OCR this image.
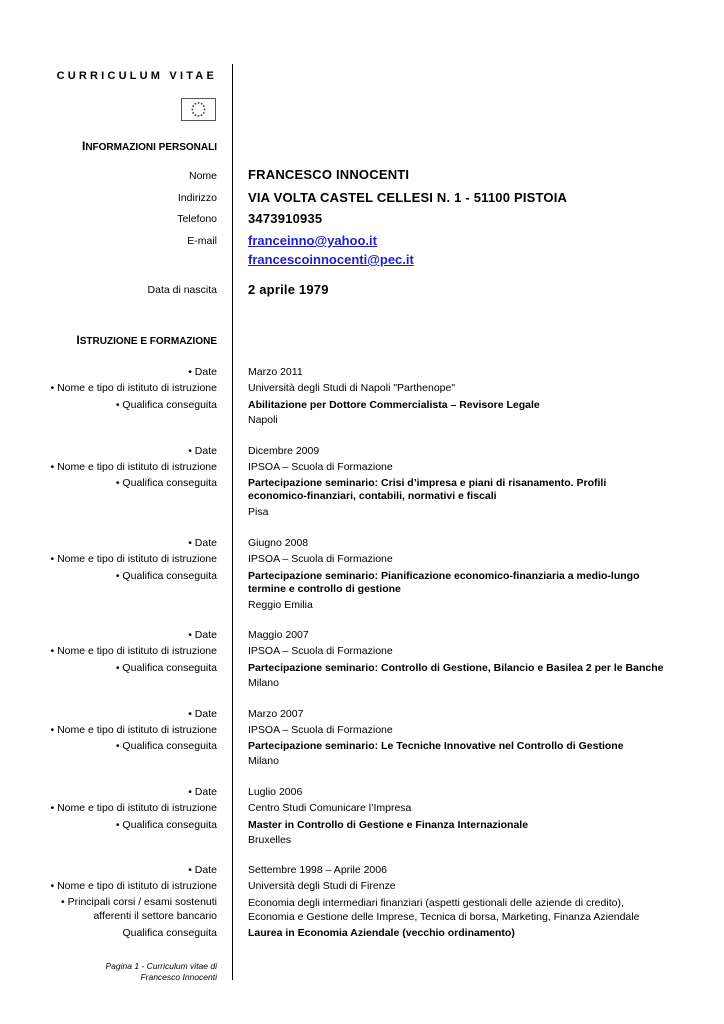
CURRICULUM VITAE
INFORMAZIONI PERSONALI
Nome FRANCESCO INNOCENTI
Indirizzo VIA VOLTA CASTEL CELLESI N. 1 - 51100 PISTOIA
Telefono 3473910935
E-mail franceinno@yahoo.it
francescoinnocenti@pec.it
Data di nascita 2 aprile 1979
ISTRUZIONE E FORMAZIONE
• Date
• Nome e tipo di istituto di istruzione
• Qualifica conseguita
Marzo 2011
Università degli Studi di Napoli "Parthenope"
Abilitazione per Dottore Commercialista – Revisore Legale
Napoli
• Date
• Nome e tipo di istituto di istruzione
• Qualifica conseguita
Dicembre 2009
IPSOA – Scuola di Formazione
Partecipazione seminario: Crisi d’impresa e piani di risanamento. Profili economico-finanziari, contabili, normativi e fiscali
Pisa
• Date
• Nome e tipo di istituto di istruzione
• Qualifica conseguita
Giugno 2008
IPSOA – Scuola di Formazione
Partecipazione seminario: Pianificazione economico-finanziaria a medio-lungo termine e controllo di gestione
Reggio Emilia
• Date
• Nome e tipo di istituto di istruzione
• Qualifica conseguita
Maggio 2007
IPSOA – Scuola di Formazione
Partecipazione seminario: Controllo di Gestione, Bilancio e Basilea 2 per le Banche
Milano
• Date
• Nome e tipo di istituto di istruzione
• Qualifica conseguita
Marzo 2007
IPSOA – Scuola di Formazione
Partecipazione seminario: Le Tecniche Innovative nel Controllo di Gestione
Milano
• Date
• Nome e tipo di istituto di istruzione
• Qualifica conseguita
Luglio 2006
Centro Studi Comunicare l’Impresa
Master in Controllo di Gestione e Finanza Internazionale
Bruxelles
• Date
• Nome e tipo di istituto di istruzione
• Principali corsi / esami sostenuti
afferenti il settore bancario
Qualifica conseguita
Settembre 1998 – Aprile 2006
Università degli Studi di Firenze
Economia degli intermediari finanziari (aspetti gestionali delle aziende di credito), Economia e Gestione delle Imprese, Tecnica di borsa, Marketing, Finanza Aziendale
Laurea in Economia Aziendale (vecchio ordinamento)
Pagina 1 - Curriculum vitae di
Francesco Innocenti
